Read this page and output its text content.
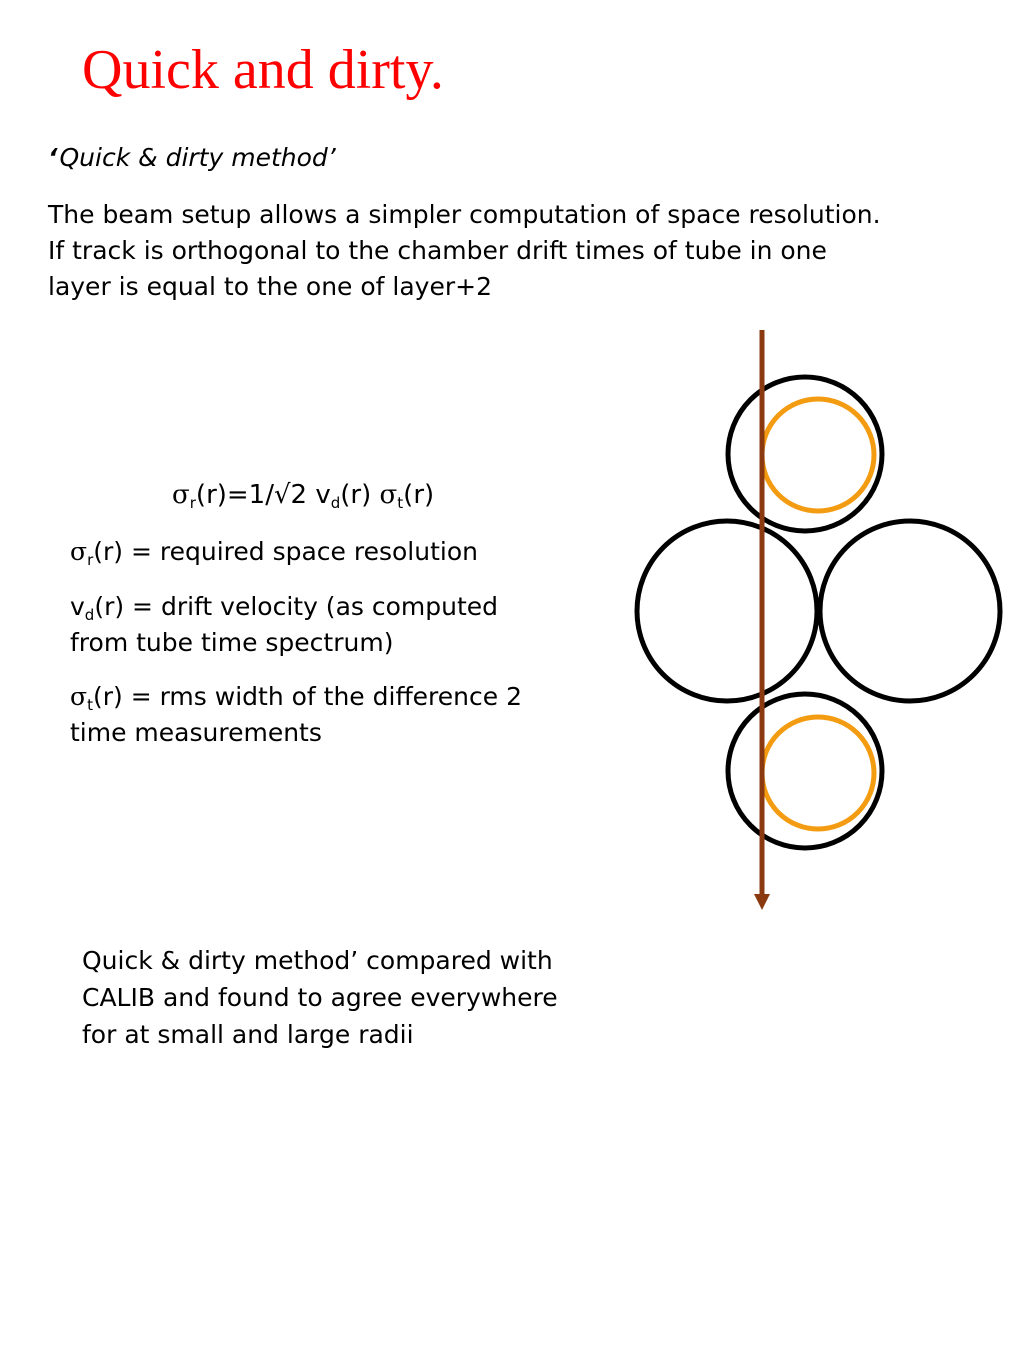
Quick and dirty.
‘Quick & dirty method’
The beam setup allows a simpler computation of space resolution.
If track is orthogonal to the chamber drift times of tube in one
layer is equal to the one of layer+2
$\sigma_r(r)=1/√2$ $v_d(r)$ $\sigma_t(r)$
$\sigma_r(r)$ = required space resolution
$v_d(r)$ = drift velocity (as computed
from tube time spectrum)
$\sigma_t(r)$ = rms width of the difference 2
time measurements
Quick & dirty method’ compared with
CALIB and found to agree everywhere
for at small and large radii
